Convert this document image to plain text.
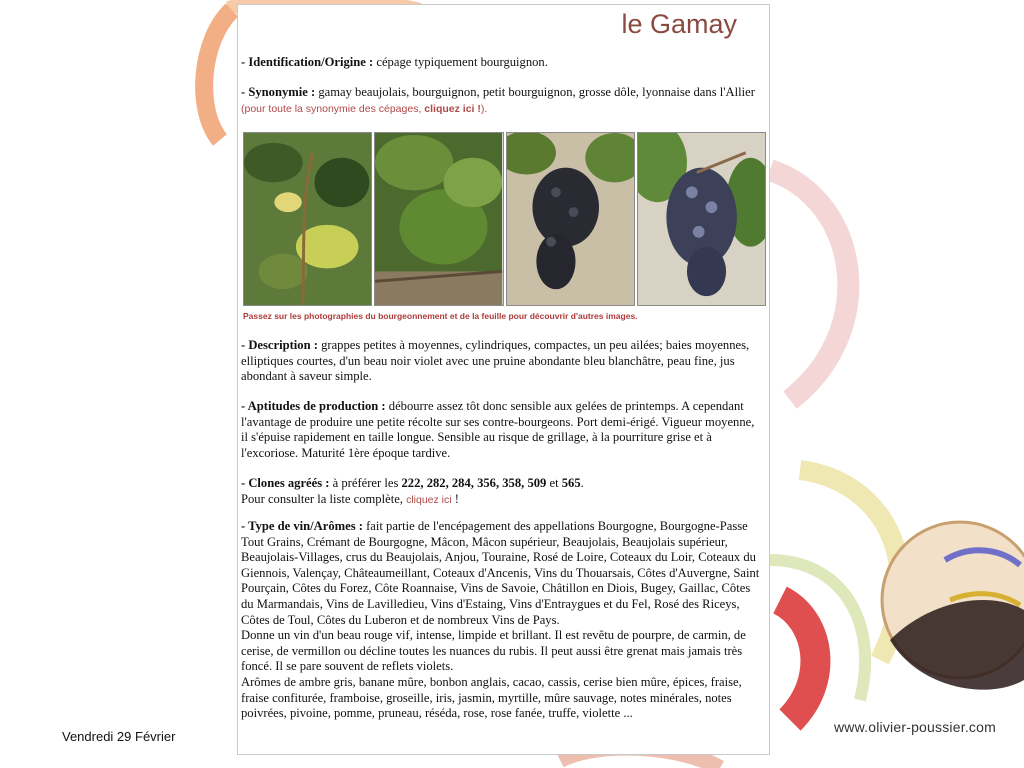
Vendredi 29 Février
www.olivier-poussier.com
le Gamay
- Identification/Origine : cépage typiquement bourguignon.
- Synonymie : gamay beaujolais, bourguignon, petit bourguignon, grosse dôle, lyonnaise dans l'Allier (pour toute la synonymie des cépages, cliquez ici !).
Passez sur les photographies du bourgeonnement et de la feuille pour découvrir d'autres images.
- Description : grappes petites à moyennes, cylindriques, compactes, un peu ailées; baies moyennes, elliptiques courtes, d'un beau noir violet avec une pruine abondante bleu blanchâtre, peau fine, jus abondant à saveur simple.
- Aptitudes de production : débourre assez tôt donc sensible aux gelées de printemps. A cependant l'avantage de produire une petite récolte sur ses contre-bourgeons. Port demi-érigé. Vigueur moyenne, il s'épuise rapidement en taille longue. Sensible au risque de grillage, à la pourriture grise et à l'excoriose. Maturité 1ère époque tardive.
- Clones agréés : à préférer les 222, 282, 284, 356, 358, 509 et 565.
Pour consulter la liste complète, cliquez ici !
- Type de vin/Arômes : fait partie de l'encépagement des appellations Bourgogne, Bourgogne-Passe Tout Grains, Crémant de Bourgogne, Mâcon, Mâcon supérieur, Beaujolais, Beaujolais supérieur, Beaujolais-Villages, crus du Beaujolais, Anjou, Touraine, Rosé de Loire, Coteaux du Loir, Coteaux du Giennois, Valençay, Châteaumeillant, Coteaux d'Ancenis, Vins du Thouarsais, Côtes d'Auvergne, Saint Pourçain, Côtes du Forez, Côte Roannaise, Vins de Savoie, Châtillon en Diois, Bugey, Gaillac, Côtes du Marmandais, Vins de Lavilledieu, Vins d'Estaing, Vins d'Entraygues et du Fel, Rosé des Riceys, Côtes de Toul, Côtes du Luberon et de nombreux Vins de Pays.
Donne un vin d'un beau rouge vif, intense, limpide et brillant. Il est revêtu de pourpre, de carmin, de cerise, de vermillon ou décline toutes les nuances du rubis. Il peut aussi être grenat mais jamais très foncé. Il se pare souvent de reflets violets.
Arômes de ambre gris, banane mûre, bonbon anglais, cacao, cassis, cerise bien mûre, épices, fraise, fraise confiturée, framboise, groseille, iris, jasmin, myrtille, mûre sauvage, notes minérales, notes poivrées, pivoine, pomme, pruneau, réséda, rose, rose fanée, truffe, violette ...
